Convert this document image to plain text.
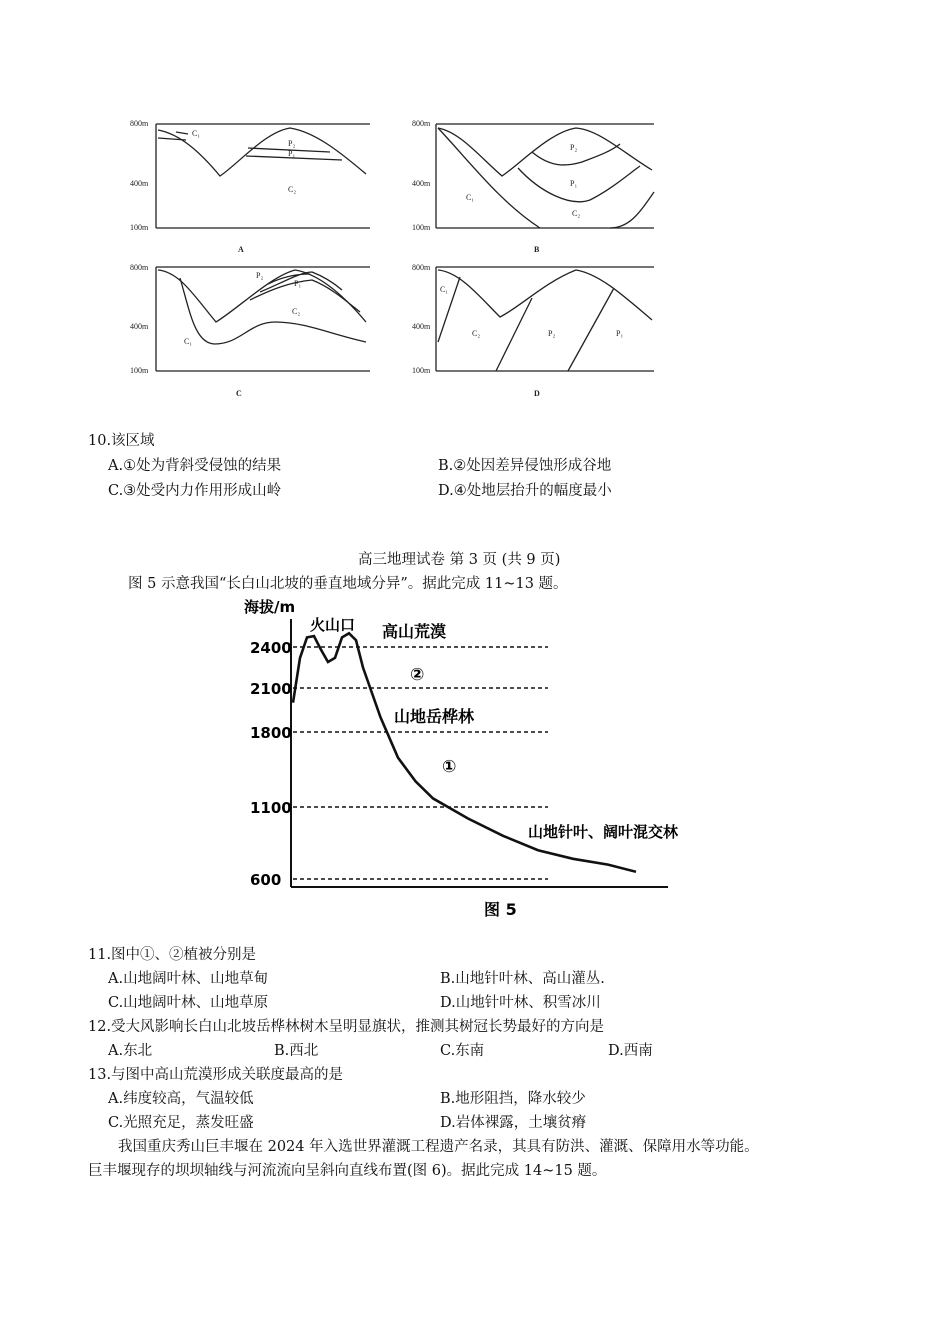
800m
400m
100m
800m
400m
100m
800m
400m
100m
800m
400m
100m
C₁
P₂
P₁
C₂
P₂
P₁
C₁
C₂
P₂
P₁
C₂
C₁
C₁
C₂	P₂	P₁
A	B
C	D
10.该区域
A.①处为背斜受侵蚀的结果	B.②处因差异侵蚀形成谷地
C.③处受内力作用形成山岭	D.④处地层抬升的幅度最小
高三地理试卷 第 3 页 (共 9 页)
图 5 示意我国“长白山北坡的垂直地域分异”。据此完成 11~13 题。
海拔/m
2400
2100
1800
1100
600
火山口 高山荒漠
②
山地岳桦林
①
山地针叶、阔叶混交林
图 5
11.图中①、②植被分别是
A.山地阔叶林、山地草甸	B.山地针叶林、高山灌丛.
C.山地阔叶林、山地草原	D.山地针叶林、积雪冰川
12.受大风影响长白山北坡岳桦林树木呈明显旗状，推测其树冠长势最好的方向是
A.东北	B.西北	C.东南	D.西南
13.与图中高山荒漠形成关联度最高的是
A.纬度较高，气温较低	B.地形阻挡，降水较少
C.光照充足，蒸发旺盛	D.岩体裸露，土壤贫瘠
我国重庆秀山巨丰堰在 2024 年入选世界灌溉工程遗产名录，其具有防洪、灌溉、保障用水等功能。
巨丰堰现存的坝坝轴线与河流流向呈斜向直线布置(图 6)。据此完成 14~15 题。
